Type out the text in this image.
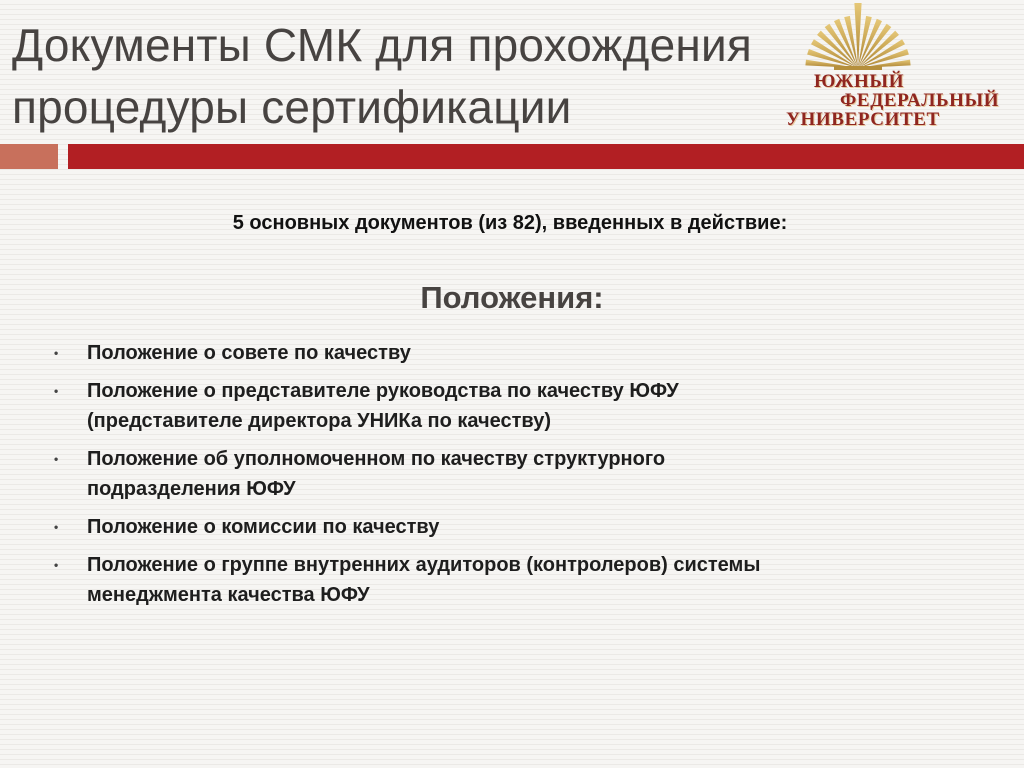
Документы СМК для прохождения
процедуры сертификации	ЮЖНЫЙ
ФЕДЕРАЛЬНЫЙ
УНИВЕРСИТЕТ

5 основных документов (из 82), введенных в действие:

Положения:
• Положение о совете по качеству
• Положение о представителе руководства по качеству ЮФУ
(представителе директора УНИКа по качеству)
• Положение об уполномоченном по качеству структурного
подразделения ЮФУ
• Положение о комиссии по качеству
• Положение о группе внутренних аудиторов (контролеров) системы
менеджмента качества ЮФУ
